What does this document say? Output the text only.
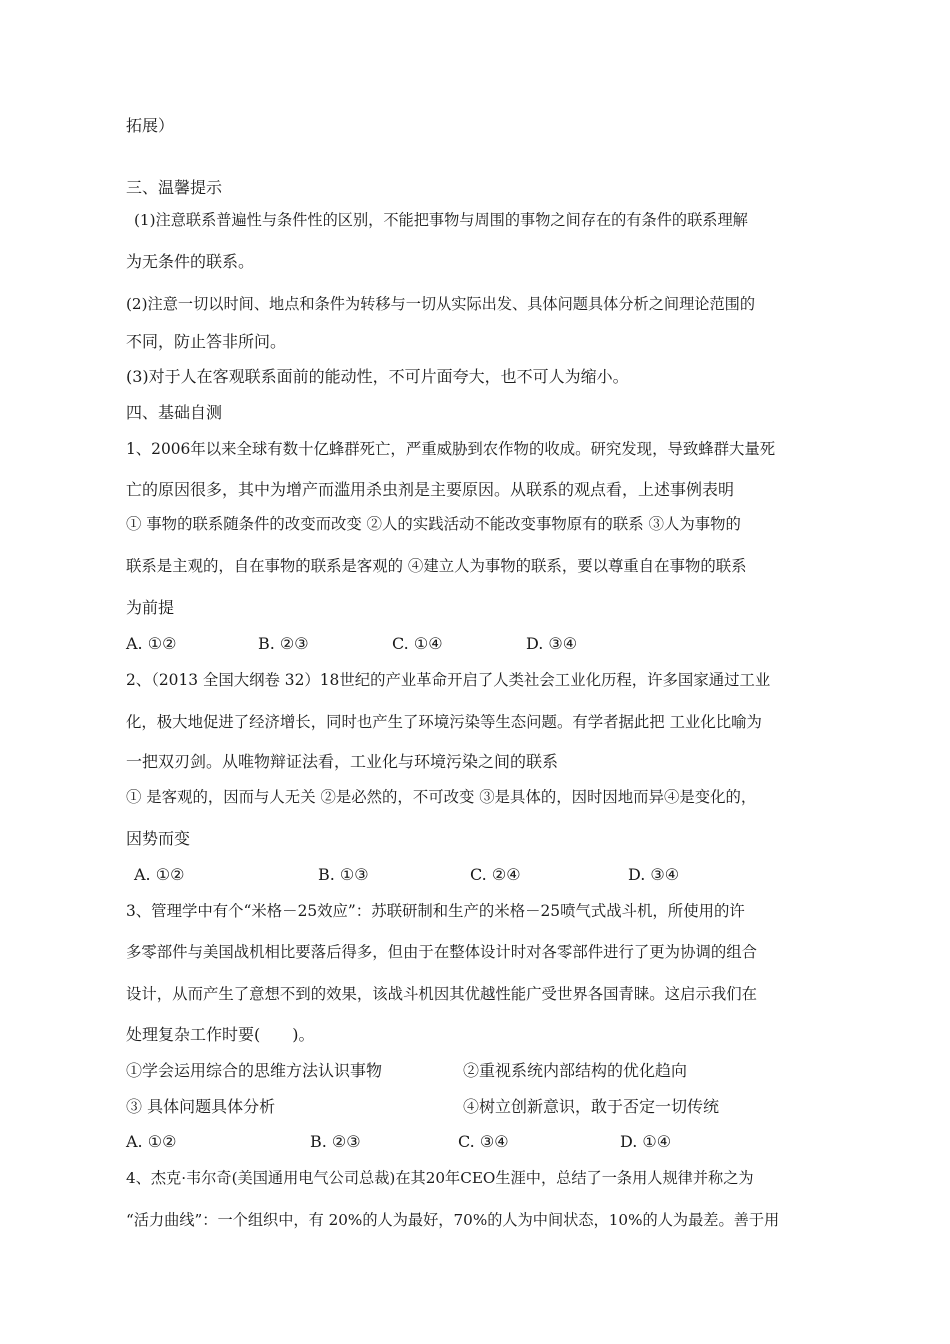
拓展）
三、温馨提示
(1)注意联系普遍性与条件性的区别，不能把事物与周围的事物之间存在的有条件的联系理解
为无条件的联系。
(2)注意一切以时间、地点和条件为转移与一切从实际出发、具体问题具体分析之间理论范围的
不同，防止答非所问。
(3)对于人在客观联系面前的能动性，不可片面夸大，也不可人为缩小。
四、基础自测
1、2006年以来全球有数十亿蜂群死亡，严重威胁到农作物的收成。研究发现，导致蜂群大量死
亡的原因很多，其中为增产而滥用杀虫剂是主要原因。从联系的观点看，上述事例表明
① 事物的联系随条件的改变而改变 ②人的实践活动不能改变事物原有的联系 ③人为事物的
联系是主观的，自在事物的联系是客观的 ④建立人为事物的联系，要以尊重自在事物的联系
为前提
A. ①②	B. ②③	C. ①④	D. ③④
2、（2013 全国大纲卷 32）18世纪的产业革命开启了人类社会工业化历程，许多国家通过工业
化，极大地促进了经济增长，同时也产生了环境污染等生态问题。有学者据此把 工业化比喻为
一把双刃剑。从唯物辩证法看，工业化与环境污染之间的联系
① 是客观的，因而与人无关 ②是必然的，不可改变 ③是具体的，因时因地而异④是变化的，
因势而变
A. ①②	B. ①③	C. ②④	D. ③④
3、管理学中有个“米格－25效应”：苏联研制和生产的米格－25喷气式战斗机，所使用的许
多零部件与美国战机相比要落后得多，但由于在整体设计时对各零部件进行了更为协调的组合
设计，从而产生了意想不到的效果，该战斗机因其优越性能广受世界各国青睐。这启示我们在
处理复杂工作时要(　　)。
①学会运用综合的思维方法认识事物	②重视系统内部结构的优化趋向
③ 具体问题具体分析	④树立创新意识，敢于否定一切传统
A. ①②	B. ②③	C. ③④	D. ①④
4、杰克·韦尔奇(美国通用电气公司总裁)在其20年CEO生涯中，总结了一条用人规律并称之为
“活力曲线”：一个组织中，有 20%的人为最好，70%的人为中间状态，10%的人为最差。善于用
